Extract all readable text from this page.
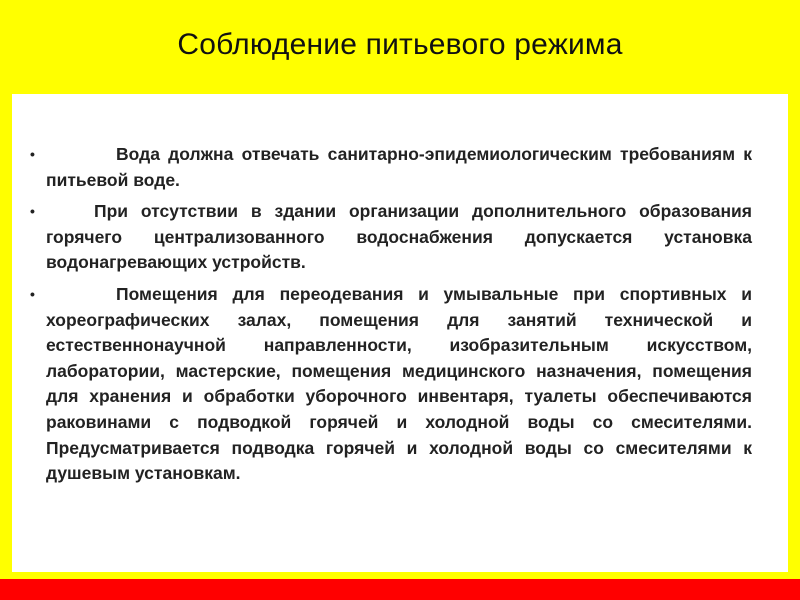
Соблюдение питьевого режима
•	Вода должна отвечать санитарно-эпидемиологическим требованиям к питьевой воде.
•	При отсутствии в здании организации дополнительного образования горячего централизованного водоснабжения допускается установка водонагревающих устройств.
•	Помещения для переодевания и умывальные при спортивных и хореографических залах, помещения для занятий технической и естественнонаучной направленности, изобразительным искусством, лаборатории, мастерские, помещения медицинского назначения, помещения для хранения и обработки уборочного инвентаря, туалеты обеспечиваются раковинами с подводкой горячей и холодной воды со смесителями. Предусматривается подводка горячей и холодной воды со смесителями к душевым установкам.
